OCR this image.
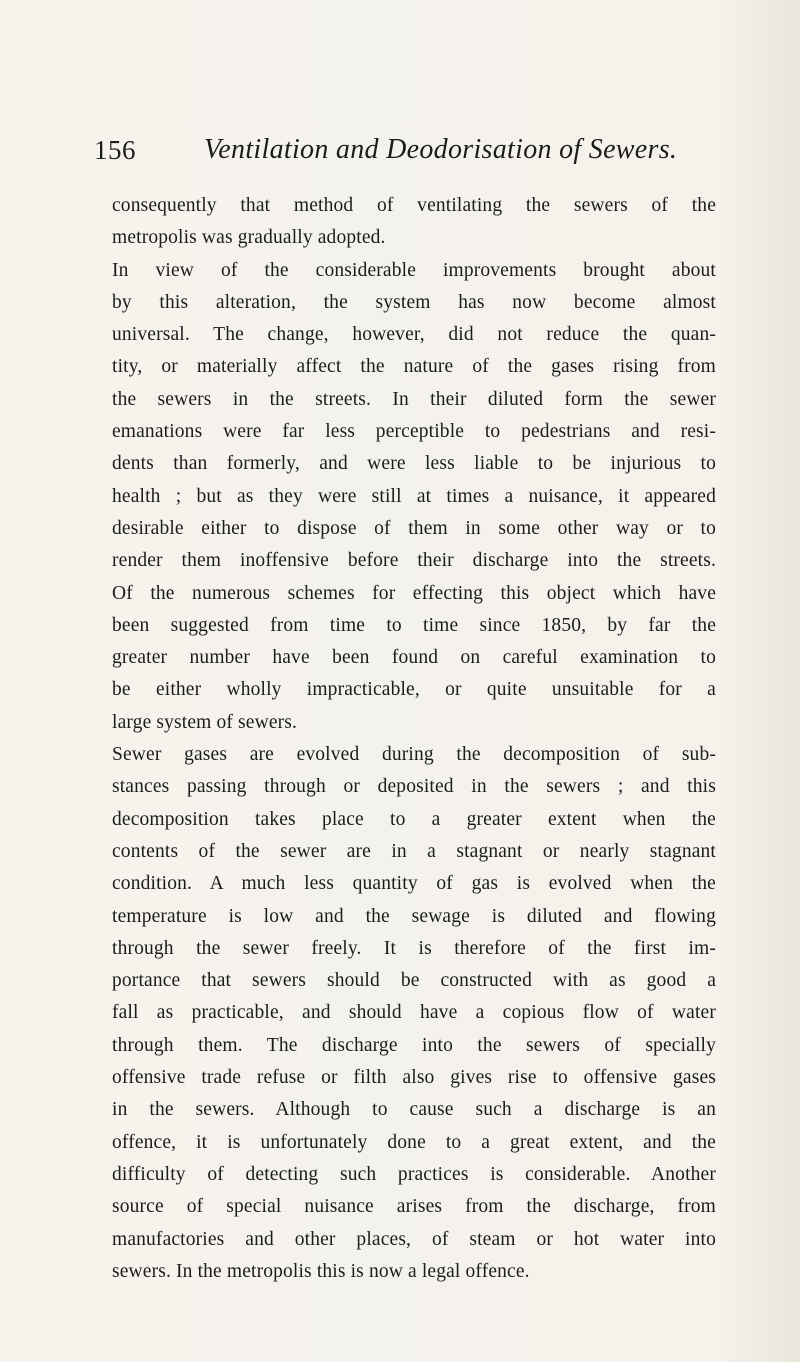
156 Ventilation and Deodorisation of Sewers.
consequently that method of ventilating the sewers of the
metropolis was gradually adopted.
In view of the considerable improvements brought about
by this alteration, the system has now become almost
universal. The change, however, did not reduce the quan-
tity, or materially affect the nature of the gases rising from
the sewers in the streets. In their diluted form the sewer
emanations were far less perceptible to pedestrians and resi-
dents than formerly, and were less liable to be injurious to
health ; but as they were still at times a nuisance, it appeared
desirable either to dispose of them in some other way or to
render them inoffensive before their discharge into the streets.
Of the numerous schemes for effecting this object which have
been suggested from time to time since 1850, by far the
greater number have been found on careful examination to
be either wholly impracticable, or quite unsuitable for a
large system of sewers.
Sewer gases are evolved during the decomposition of sub-
stances passing through or deposited in the sewers ; and this
decomposition takes place to a greater extent when the
contents of the sewer are in a stagnant or nearly stagnant
condition. A much less quantity of gas is evolved when the
temperature is low and the sewage is diluted and flowing
through the sewer freely. It is therefore of the first im-
portance that sewers should be constructed with as good a
fall as practicable, and should have a copious flow of water
through them. The discharge into the sewers of specially
offensive trade refuse or filth also gives rise to offensive gases
in the sewers. Although to cause such a discharge is an
offence, it is unfortunately done to a great extent, and the
difficulty of detecting such practices is considerable. Another
source of special nuisance arises from the discharge, from
manufactories and other places, of steam or hot water into
sewers. In the metropolis this is now a legal offence.
